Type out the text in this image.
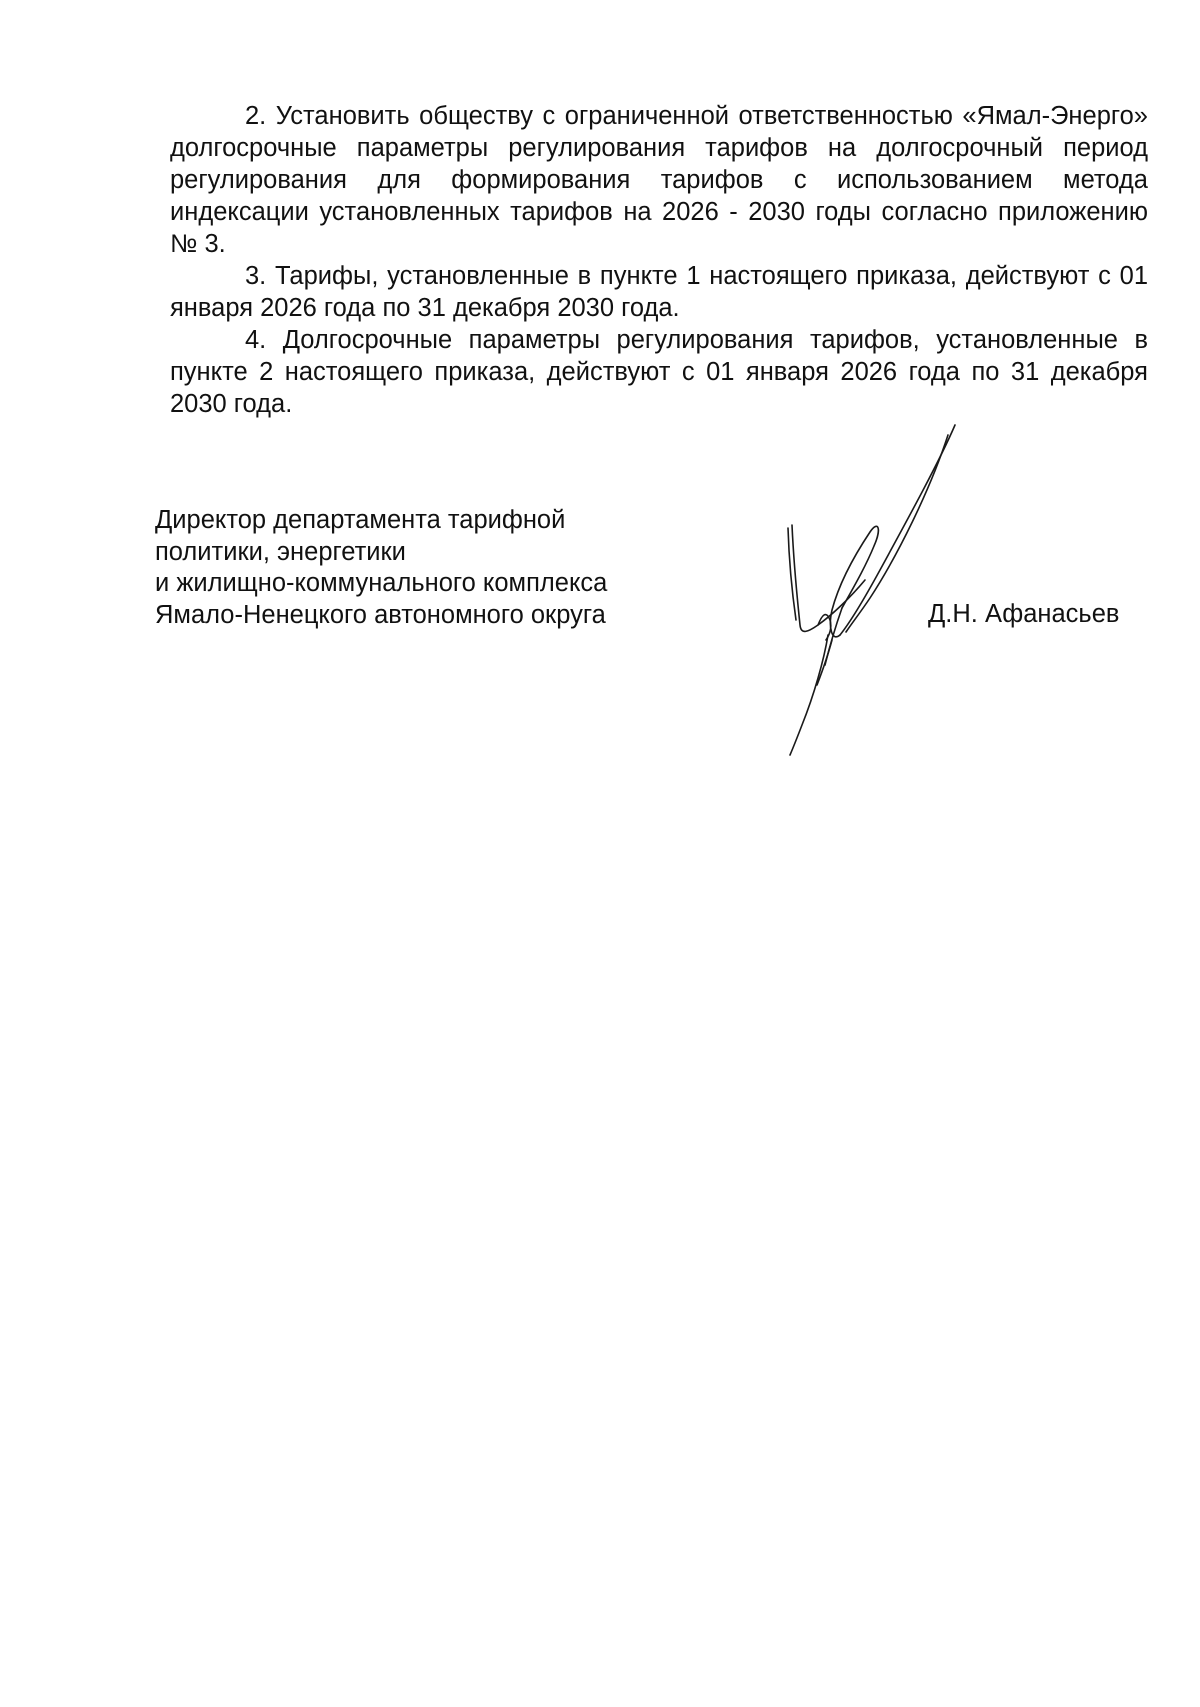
2. Установить обществу с ограниченной ответственностью «Ямал-Энерго» долгосрочные параметры регулирования тарифов на долгосрочный период регулирования для формирования тарифов с использованием метода индексации установленных тарифов на 2026 - 2030 годы согласно приложению № 3.

3. Тарифы, установленные в пункте 1 настоящего приказа, действуют с 01 января 2026 года по 31 декабря 2030 года.

4. Долгосрочные параметры регулирования тарифов, установленные в пункте 2 настоящего приказа, действуют с 01 января 2026 года по 31 декабря 2030 года.

Директор департамента тарифной
политики, энергетики
и жилищно-коммунального комплекса
Ямало-Ненецкого автономного округа	Д.Н. Афанасьев
